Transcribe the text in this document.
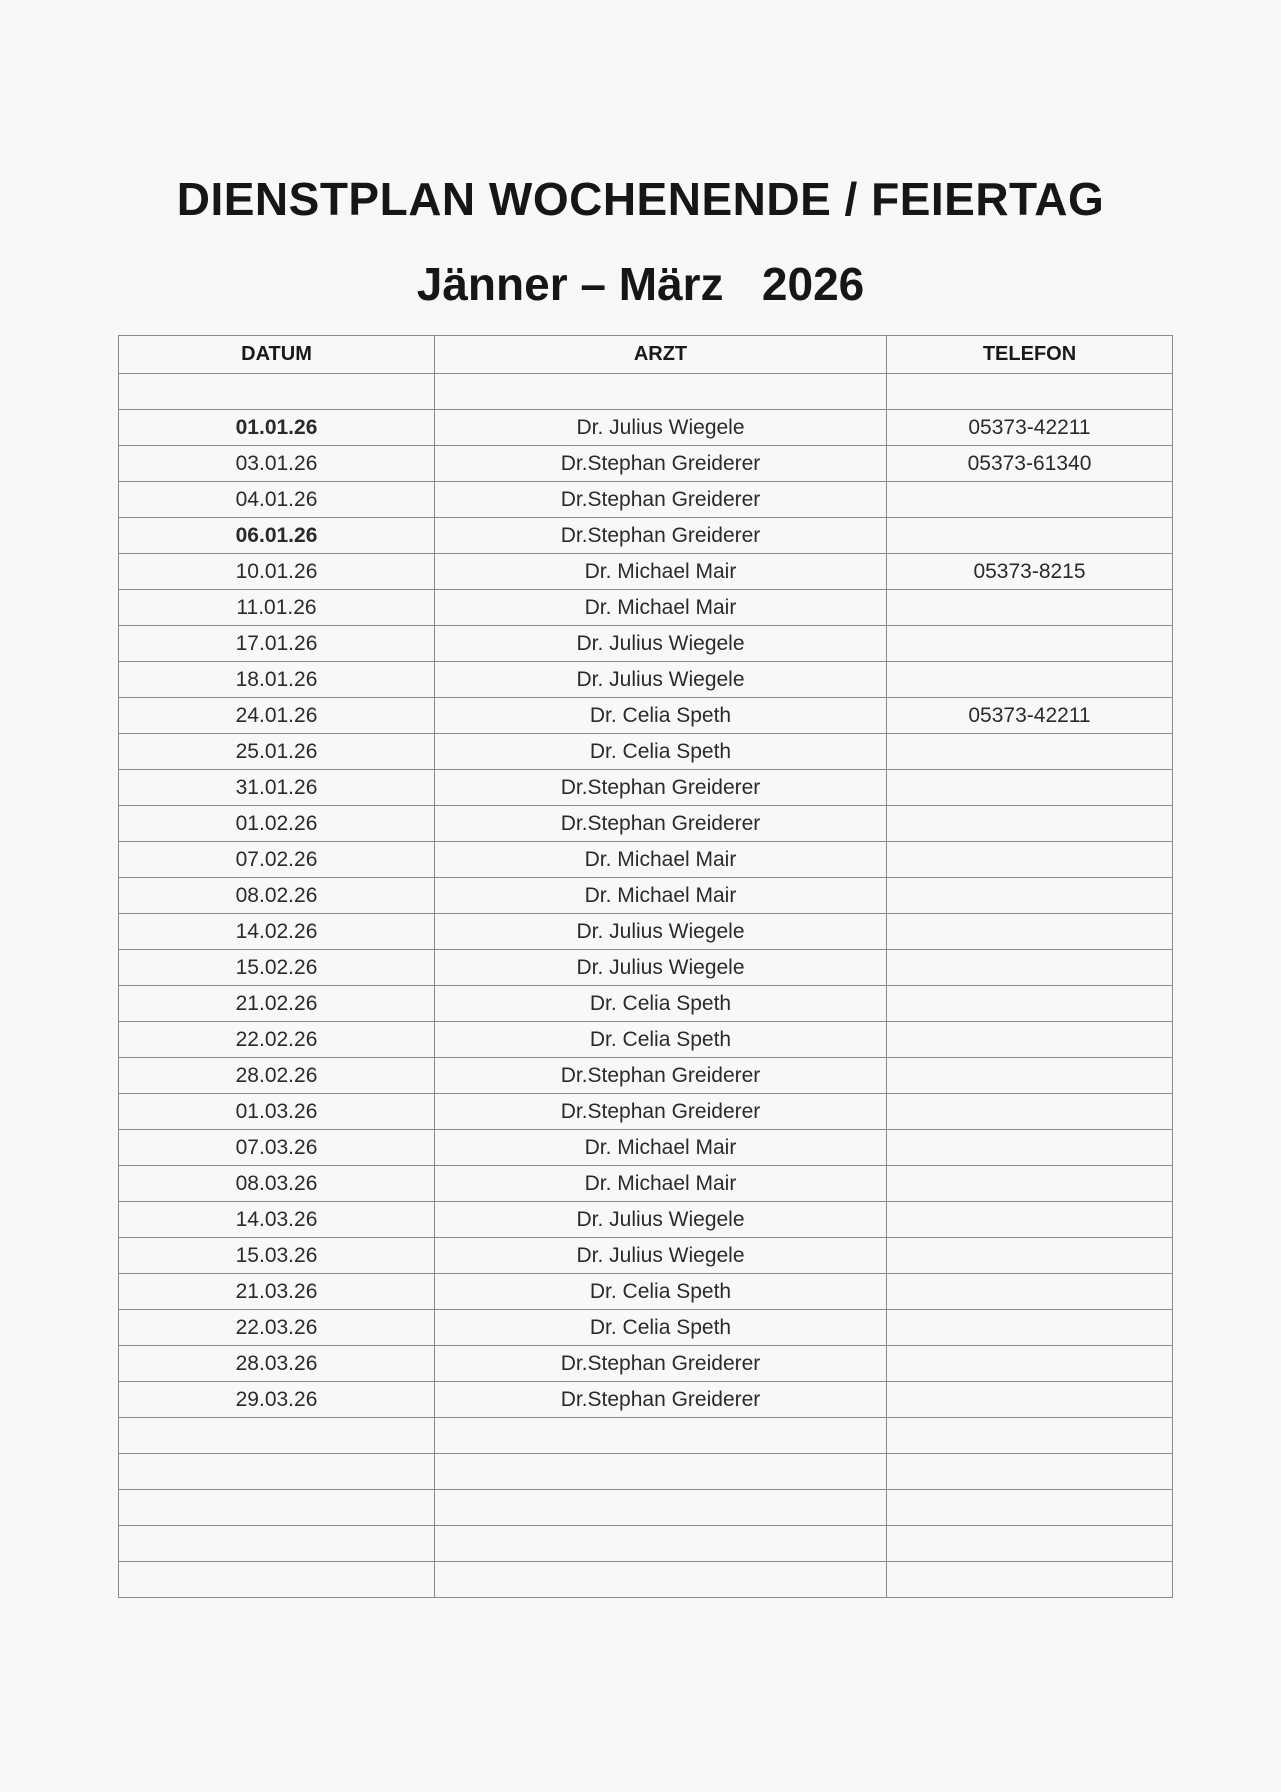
DIENSTPLAN WOCHENENDE / FEIERTAG
Jänner – März   2026
DATUM	ARZT	TELEFON

01.01.26	Dr. Julius Wiegele	05373-42211
03.01.26	Dr.Stephan Greiderer	05373-61340
04.01.26	Dr.Stephan Greiderer	
06.01.26	Dr.Stephan Greiderer	
10.01.26	Dr. Michael Mair	05373-8215
11.01.26	Dr. Michael Mair	
17.01.26	Dr. Julius Wiegele	
18.01.26	Dr. Julius Wiegele	
24.01.26	Dr. Celia Speth	05373-42211
25.01.26	Dr. Celia Speth	
31.01.26	Dr.Stephan Greiderer	
01.02.26	Dr.Stephan Greiderer	
07.02.26	Dr. Michael Mair	
08.02.26	Dr. Michael Mair	
14.02.26	Dr. Julius Wiegele	
15.02.26	Dr. Julius Wiegele	
21.02.26	Dr. Celia Speth	
22.02.26	Dr. Celia Speth	
28.02.26	Dr.Stephan Greiderer	
01.03.26	Dr.Stephan Greiderer	
07.03.26	Dr. Michael Mair	
08.03.26	Dr. Michael Mair	
14.03.26	Dr. Julius Wiegele	
15.03.26	Dr. Julius Wiegele	
21.03.26	Dr. Celia Speth	
22.03.26	Dr. Celia Speth	
28.03.26	Dr.Stephan Greiderer	
29.03.26	Dr.Stephan Greiderer	
